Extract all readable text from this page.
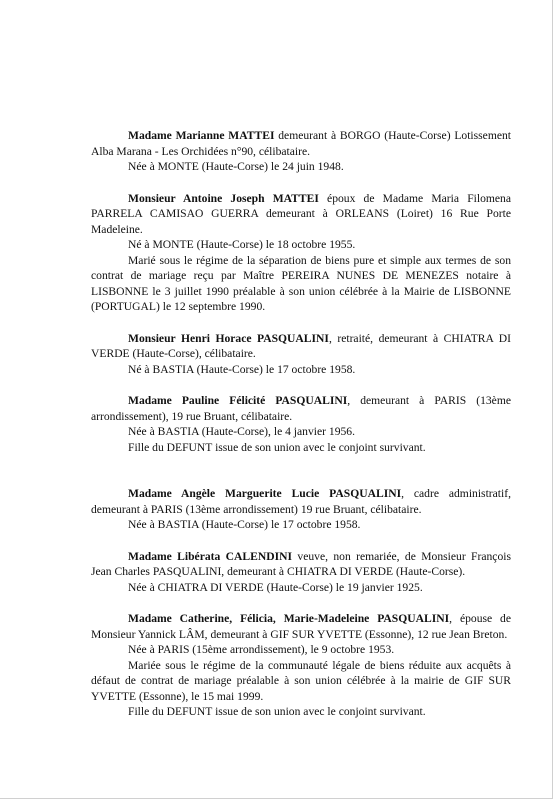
Madame Marianne MATTEI demeurant à BORGO (Haute-Corse) Lotissement Alba Marana - Les Orchidées n°90, célibataire.

Née à MONTE (Haute-Corse) le 24 juin 1948.

Monsieur Antoine Joseph MATTEI époux de Madame Maria Filomena PARRELA CAMISAO GUERRA demeurant à ORLEANS (Loiret) 16 Rue Porte Madeleine.

Né à MONTE (Haute-Corse) le 18 octobre 1955.

Marié sous le régime de la séparation de biens pure et simple aux termes de son contrat de mariage reçu par Maître PEREIRA NUNES DE MENEZES notaire à LISBONNE le 3 juillet 1990 préalable à son union célébrée à la Mairie de LISBONNE (PORTUGAL) le 12 septembre 1990.

Monsieur Henri Horace PASQUALINI, retraité, demeurant à CHIATRA DI VERDE (Haute-Corse), célibataire.

Né à BASTIA (Haute-Corse) le 17 octobre 1958.

Madame Pauline Félicité PASQUALINI, demeurant à PARIS (13ème arrondissement), 19 rue Bruant, célibataire.

Née à BASTIA (Haute-Corse), le 4 janvier 1956.

Fille du DEFUNT issue de son union avec le conjoint survivant.

Madame Angèle Marguerite Lucie PASQUALINI, cadre administratif, demeurant à PARIS (13ème arrondissement) 19 rue Bruant, célibataire.

Née à BASTIA (Haute-Corse) le 17 octobre 1958.

Madame Libérata CALENDINI veuve, non remariée, de Monsieur François Jean Charles PASQUALINI, demeurant à CHIATRA DI VERDE (Haute-Corse).

Née à CHIATRA DI VERDE (Haute-Corse) le 19 janvier 1925.

Madame Catherine, Félicia, Marie-Madeleine PASQUALINI, épouse de Monsieur Yannick LÂM, demeurant à GIF SUR YVETTE (Essonne), 12 rue Jean Breton.

Née à PARIS (15ème arrondissement), le 9 octobre 1953.

Mariée sous le régime de la communauté légale de biens réduite aux acquêts à défaut de contrat de mariage préalable à son union célébrée à la mairie de GIF SUR YVETTE (Essonne), le 15 mai 1999.

Fille du DEFUNT issue de son union avec le conjoint survivant.
